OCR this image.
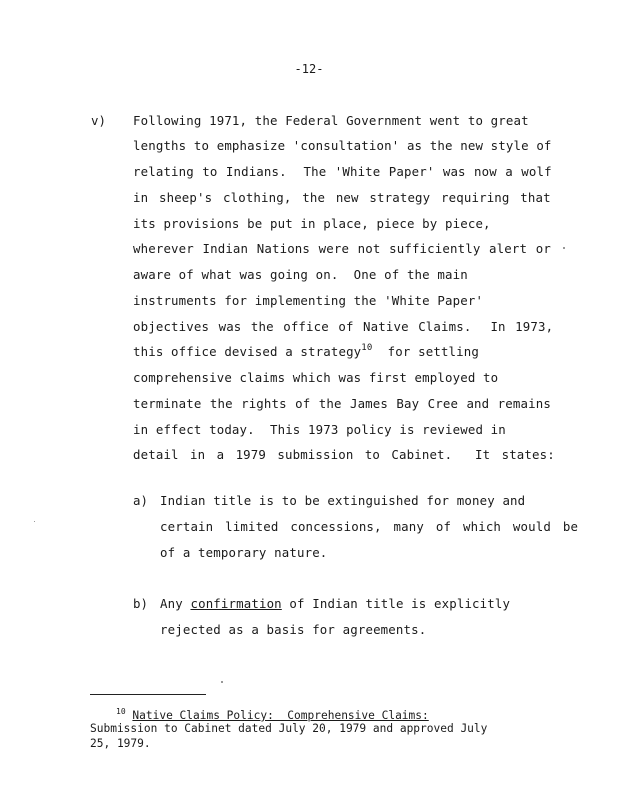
-12-
v) Following 1971, the Federal Government went to great
lengths to emphasize 'consultation' as the new style of
relating to Indians.  The 'White Paper' was now a wolf
in sheep's clothing, the new strategy requiring that
its provisions be put in place, piece by piece,
wherever Indian Nations were not sufficiently alert or
aware of what was going on.  One of the main
instruments for implementing the 'White Paper'
objectives was the office of Native Claims.  In 1973,
this office devised a strategy$^{10}$ for settling
comprehensive claims which was first employed to
terminate the rights of the James Bay Cree and remains
in effect today.  This 1973 policy is reviewed in
detail in a 1979 submission to Cabinet.  It states:
a) Indian title is to be extinguished for money and
certain limited concessions, many of which would be
of a temporary nature.
b) Any confirmation of Indian title is explicitly
rejected as a basis for agreements.
$^{10}$ Native Claims Policy:  Comprehensive Claims:
Submission to Cabinet dated July 20, 1979 and approved July
25, 1979.
